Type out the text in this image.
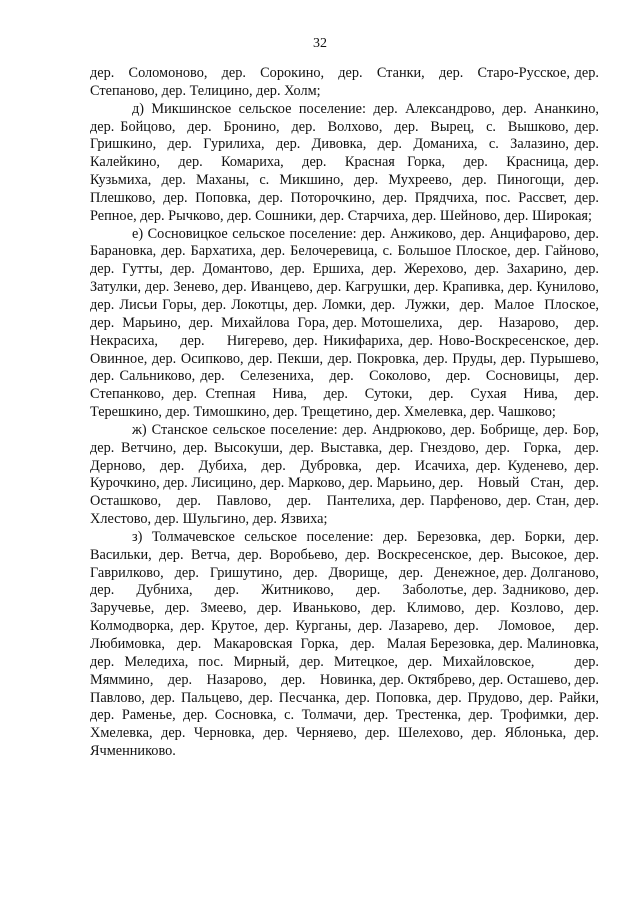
32

дер.   Соломоново,   дер.   Сорокино,   дер.   Станки,   дер.   Старо-Русское, дер. Степаново, дер. Телицино, дер. Холм;

д) Микшинское сельское поселение: дер. Александрово, дер. Ананкино, дер. Бойцово,  дер.  Бронино,  дер.  Волхово,  дер.  Вырец,  с.  Вышково, дер. Гришкино,  дер.  Гурилиха,  дер.  Дивовка,  дер.  Доманиха,  с.  Залазино, дер. Калейкино,   дер.   Комариха,   дер.   Красная  Горка,   дер.   Красница, дер. Кузьмиха, дер. Маханы, с. Микшино, дер. Мухреево, дер. Пиногощи, дер. Плешково, дер. Поповка, дер. Поторочкино, дер. Прядчиха, пос. Рассвет, дер. Репное, дер. Рычково, дер. Сошники, дер. Старчиха, дер. Шейново, дер. Широкая;

е) Сосновицкое сельское поселение: дер. Анжиково, дер. Анцифарово, дер. Барановка, дер. Бархатиха, дер. Белочеревица, с. Большое Плоское, дер. Гайново, дер. Гутты, дер. Домантово, дер. Ершиха, дер. Жерехово, дер. Захарино, дер. Затулки, дер. Зенево, дер. Иванцево, дер. Кагрушки, дер. Крапивка, дер. Кунилово, дер. Лисьи Горы, дер. Локотцы, дер. Ломки, дер.  Лужки,  дер.  Малое  Плоское,  дер.  Марьино,  дер.  Михайлова  Гора, дер. Мотошелиха,    дер.    Назарово,    дер.    Некрасиха,    дер.    Нигерево, дер. Никифариха, дер. Ново-Воскресенское, дер. Овинное, дер. Осипково, дер. Пекши, дер. Покровка, дер. Пруды, дер. Пурышево, дер. Сальниково, дер.   Селезениха,   дер.   Соколово,   дер.   Сосновицы,   дер.   Степанково, дер. Степная  Нива,  дер.  Сутоки,  дер.  Сухая  Нива,  дер.  Терешкино, дер. Тимошкино, дер. Трещетино, дер. Хмелевка, дер. Чашково;

ж) Станское сельское поселение: дер. Андрюково, дер. Бобрище, дер. Бор, дер. Ветчино, дер. Высокуши, дер. Выставка, дер. Гнездово, дер.  Горка,  дер. Дерново,  дер.  Дубиха,  дер.  Дубровка,  дер.  Исачиха, дер. Куденево, дер. Курочкино, дер. Лисицино, дер. Марково, дер. Марьино, дер.    Новый   Стан,   дер.   Осташково,   дер.   Павлово,   дер.   Пантелиха, дер. Парфеново, дер. Стан, дер. Хлестово, дер. Шульгино, дер. Язвиха;

з) Толмачевское сельское поселение: дер. Березовка, дер. Борки, дер. Васильки, дер. Ветча, дер. Воробьево, дер. Воскресенское, дер. Высокое, дер.   Гаврилково,   дер.   Гришутино,   дер.   Дворище,   дер.   Денежное, дер. Долганово,    дер.    Дубниха,    дер.    Житниково,    дер.    Заболотье, дер. Задниково, дер. Заручевье, дер. Змеево, дер. Иваньково, дер. Климово, дер. Козлово, дер. Колмодворка, дер. Крутое, дер. Курганы, дер. Лазарево, дер.   Ломовое,   дер.   Любимовка,   дер.   Макаровская  Горка,   дер.   Малая Березовка, дер. Малиновка, дер. Меледиха, пос. Мирный, дер. Митецкое, дер. Михайловское,    дер.    Мяммино,    дер.    Назарово,    дер.    Новинка, дер. Октябрево, дер. Осташево, дер. Павлово, дер. Пальцево, дер. Песчанка, дер. Поповка, дер. Прудово, дер. Райки, дер. Раменье, дер. Сосновка, с. Толмачи, дер. Трестенка, дер. Трофимки, дер. Хмелевка, дер. Черновка, дер. Черняево, дер. Шелехово, дер. Яблонька, дер. Ячменниково.
